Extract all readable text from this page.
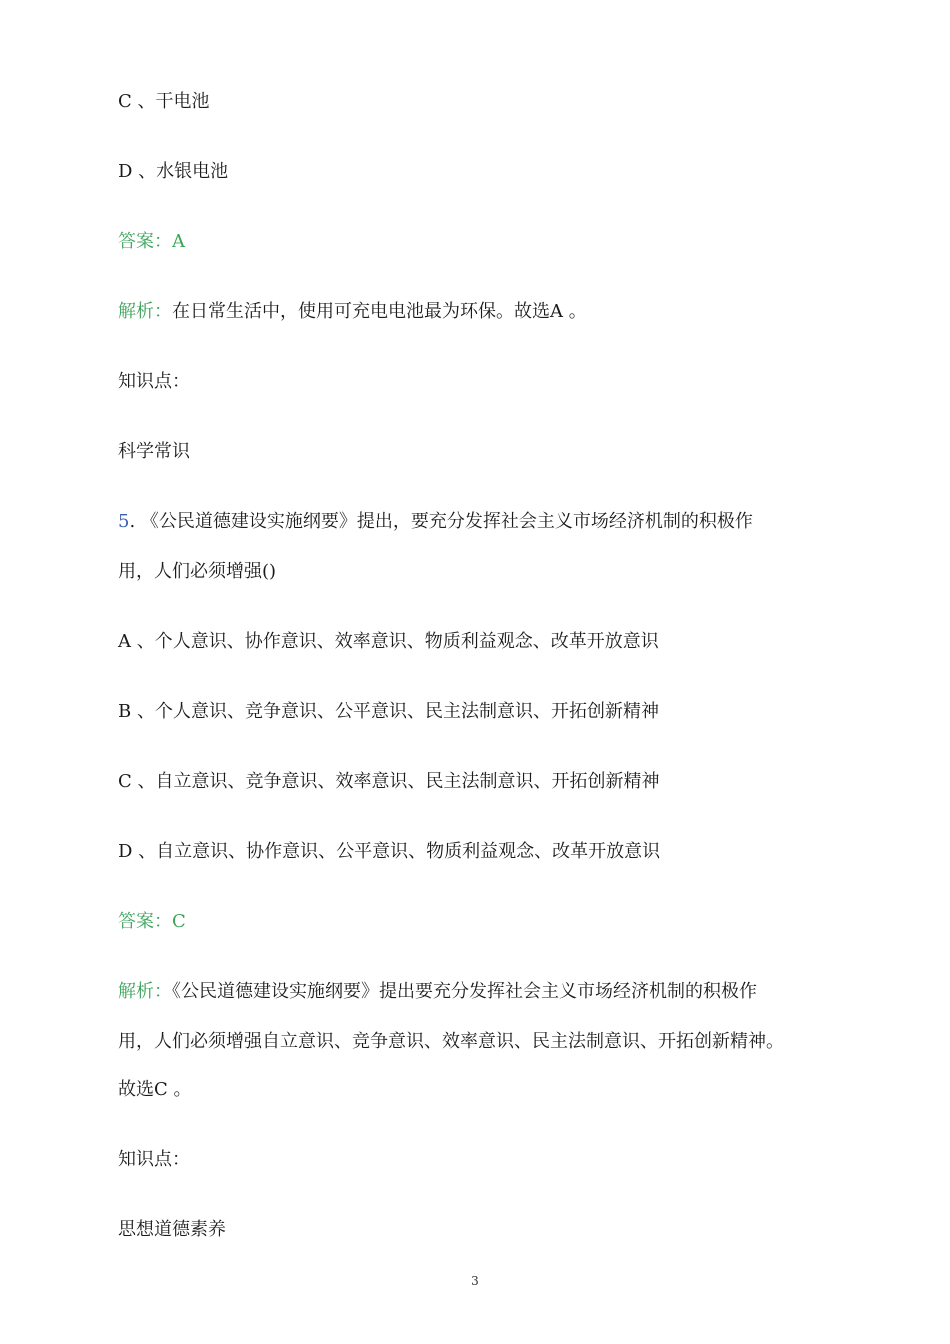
C 、干电池
D 、水银电池
答案：A
解析：在日常生活中，使用可充电电池最为环保。故选A 。
知识点：
科学常识
5. 《公民道德建设实施纲要》提出，要充分发挥社会主义市场经济机制的积极作
用，人们必须增强()
A 、个人意识、协作意识、效率意识、物质利益观念、改革开放意识
B 、个人意识、竞争意识、公平意识、民主法制意识、开拓创新精神
C 、自立意识、竞争意识、效率意识、民主法制意识、开拓创新精神
D 、自立意识、协作意识、公平意识、物质利益观念、改革开放意识
答案：C
解析：《公民道德建设实施纲要》提出要充分发挥社会主义市场经济机制的积极作
用，人们必须增强自立意识、竞争意识、效率意识、民主法制意识、开拓创新精神。
故选C 。
知识点：
思想道德素养
3
